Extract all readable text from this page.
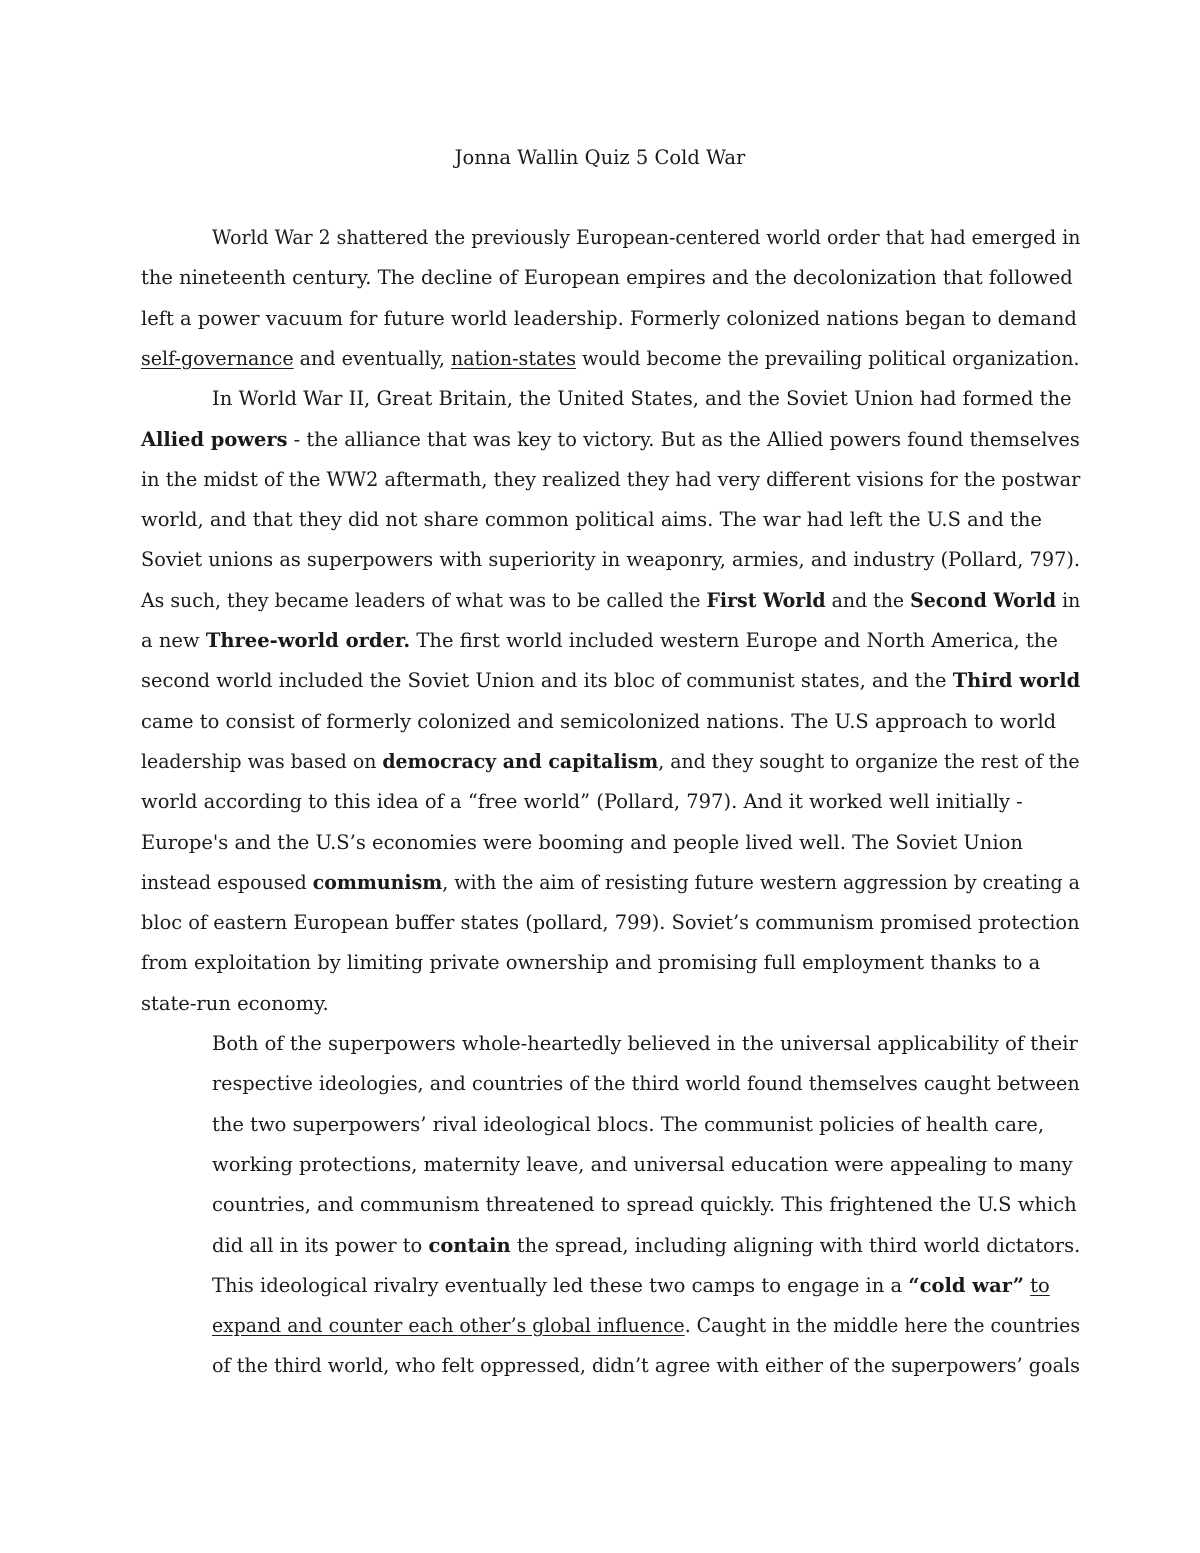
Jonna Wallin Quiz 5 Cold War
World War 2 shattered the previously European-centered world order that had emerged in
the nineteenth century. The decline of European empires and the decolonization that followed
left a power vacuum for future world leadership. Formerly colonized nations began to demand
self-governance and eventually, nation-states would become the prevailing political organization.
In World War II, Great Britain, the United States, and the Soviet Union had formed the
Allied powers - the alliance that was key to victory. But as the Allied powers found themselves
in the midst of the WW2 aftermath, they realized they had very different visions for the postwar
world, and that they did not share common political aims. The war had left the U.S and the
Soviet unions as superpowers with superiority in weaponry, armies, and industry (Pollard, 797).
As such, they became leaders of what was to be called the First World and the Second World in
a new Three-world order. The first world included western Europe and North America, the
second world included the Soviet Union and its bloc of communist states, and the Third world
came to consist of formerly colonized and semicolonized nations. The U.S approach to world
leadership was based on democracy and capitalism, and they sought to organize the rest of the
world according to this idea of a “free world” (Pollard, 797). And it worked well initially -
Europe's and the U.S’s economies were booming and people lived well. The Soviet Union
instead espoused communism, with the aim of resisting future western aggression by creating a
bloc of eastern European buffer states (pollard, 799). Soviet’s communism promised protection
from exploitation by limiting private ownership and promising full employment thanks to a
state-run economy.
Both of the superpowers whole-heartedly believed in the universal applicability of their
respective ideologies, and countries of the third world found themselves caught between
the two superpowers’ rival ideological blocs. The communist policies of health care,
working protections, maternity leave, and universal education were appealing to many
countries, and communism threatened to spread quickly. This frightened the U.S which
did all in its power to contain the spread, including aligning with third world dictators.
This ideological rivalry eventually led these two camps to engage in a “cold war” to
expand and counter each other’s global influence. Caught in the middle here the countries
of the third world, who felt oppressed, didn’t agree with either of the superpowers’ goals
